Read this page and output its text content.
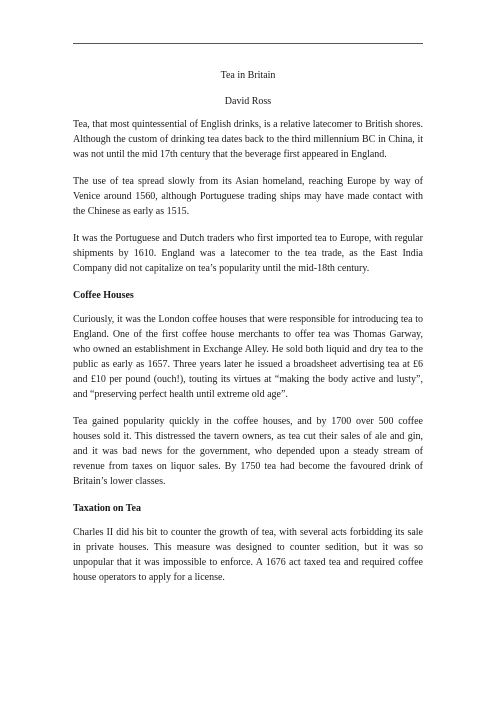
Tea in Britain
David Ross

Tea, that most quintessential of English drinks, is a relative latecomer to British shores. Although the custom of drinking tea dates back to the third millennium BC in China, it was not until the mid 17th century that the beverage first appeared in England.

The use of tea spread slowly from its Asian homeland, reaching Europe by way of Venice around 1560, although Portuguese trading ships may have made contact with the Chinese as early as 1515.

It was the Portuguese and Dutch traders who first imported tea to Europe, with regular shipments by 1610. England was a latecomer to the tea trade, as the East India Company did not capitalize on tea’s popularity until the mid-18th century.

Coffee Houses

Curiously, it was the London coffee houses that were responsible for introducing tea to England. One of the first coffee house merchants to offer tea was Thomas Garway, who owned an establishment in Exchange Alley. He sold both liquid and dry tea to the public as early as 1657. Three years later he issued a broadsheet advertising tea at £6 and £10 per pound (ouch!), touting its virtues at “making the body active and lusty”, and “preserving perfect health until extreme old age”.

Tea gained popularity quickly in the coffee houses, and by 1700 over 500 coffee houses sold it. This distressed the tavern owners, as tea cut their sales of ale and gin, and it was bad news for the government, who depended upon a steady stream of revenue from taxes on liquor sales. By 1750 tea had become the favoured drink of Britain’s lower classes.

Taxation on Tea

Charles II did his bit to counter the growth of tea, with several acts forbidding its sale in private houses. This measure was designed to counter sedition, but it was so unpopular that it was impossible to enforce. A 1676 act taxed tea and required coffee house operators to apply for a license.
